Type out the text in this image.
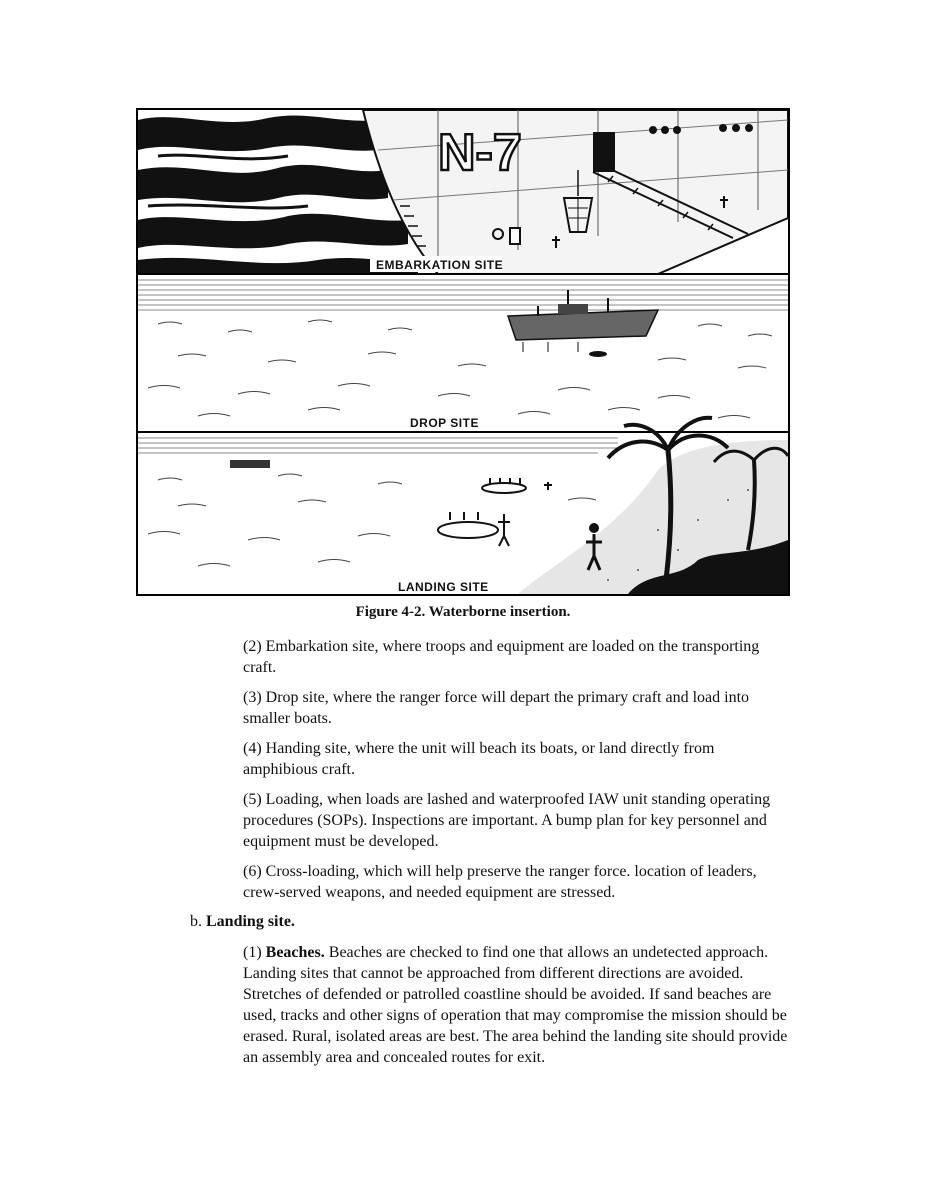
N-7
EMBARKATION SITE
DROP SITE
LANDING SITE
Figure 4-2. Waterborne insertion.

(2) Embarkation site, where troops and equipment are loaded on the transporting craft.

(3) Drop site, where the ranger force will depart the primary craft and load into smaller boats.

(4) Handing site, where the unit will beach its boats, or land directly from amphibious craft.

(5) Loading, when loads are lashed and waterproofed IAW unit standing operating procedures (SOPs). Inspections are important. A bump plan for key personnel and equipment must be developed.

(6) Cross-loading, which will help preserve the ranger force. location of leaders, crew-served weapons, and needed equipment are stressed.

b. Landing site.

(1) Beaches. Beaches are checked to find one that allows an undetected approach. Landing sites that cannot be approached from different directions are avoided. Stretches of defended or patrolled coastline should be avoided. If sand beaches are used, tracks and other signs of operation that may compromise the mission should be erased. Rural, isolated areas are best. The area behind the landing site should provide an assembly area and concealed routes for exit.
